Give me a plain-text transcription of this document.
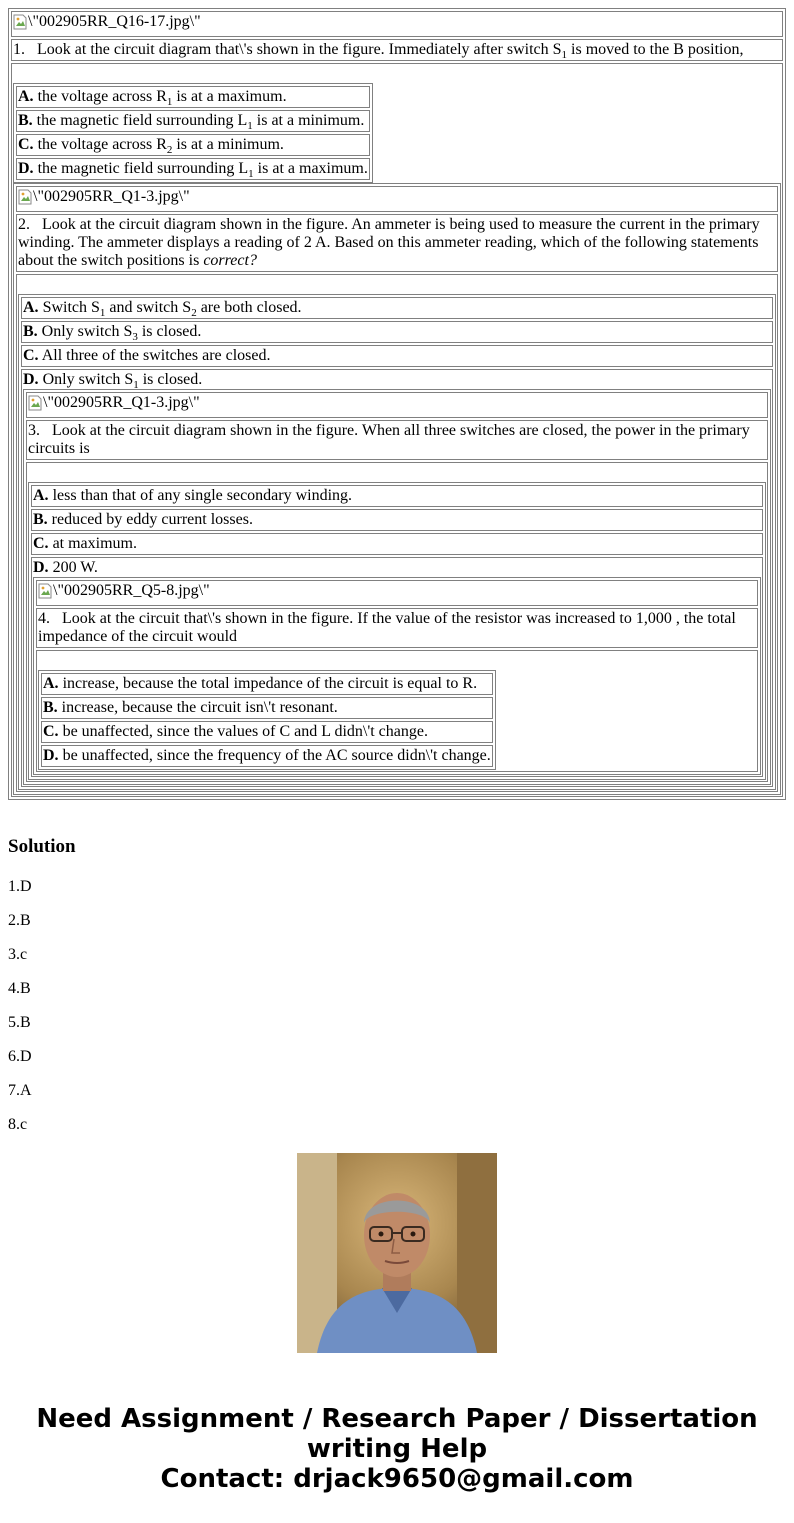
\"002905RR_Q16-17.jpg\"

1. Look at the circuit diagram that\'s shown in the figure. Immediately after switch $S_1$ is moved to the B position,

A. the voltage across $R_1$ is at a maximum.
B. the magnetic field surrounding $L_1$ is at a minimum.
C. the voltage across $R_2$ is at a minimum.
D. the magnetic field surrounding $L_1$ is at a maximum.
\"002905RR_Q1-3.jpg\"

2. Look at the circuit diagram shown in the figure. An ammeter is being used to measure the current in the primary winding. The ammeter displays a reading of 2 A. Based on this ammeter reading, which of the following statements about the switch positions is correct?

A. Switch $S_1$ and switch $S_2$ are both closed.
B. Only switch $S_3$ is closed.
C. All three of the switches are closed.
D. Only switch $S_1$ is closed.
\"002905RR_Q1-3.jpg\"

3. Look at the circuit diagram shown in the figure. When all three switches are closed, the power in the primary circuits is

A. less than that of any single secondary winding.
B. reduced by eddy current losses.
C. at maximum.
D. 200 W.
\"002905RR_Q5-8.jpg\"

4. Look at the circuit that\'s shown in the figure. If the value of the resistor was increased to 1,000 , the total impedance of the circuit would

A. increase, because the total impedance of the circuit is equal to R.
B. increase, because the circuit isn\'t resonant.
C. be unaffected, since the values of C and L didn\'t change.
D. be unaffected, since the frequency of the AC source didn\'t change.
Solution

1.D

2.B

3.c

4.B

5.B

6.D

7.A

8.c

Need Assignment / Research Paper / Dissertation
writing Help
Contact: drjack9650@gmail.com
